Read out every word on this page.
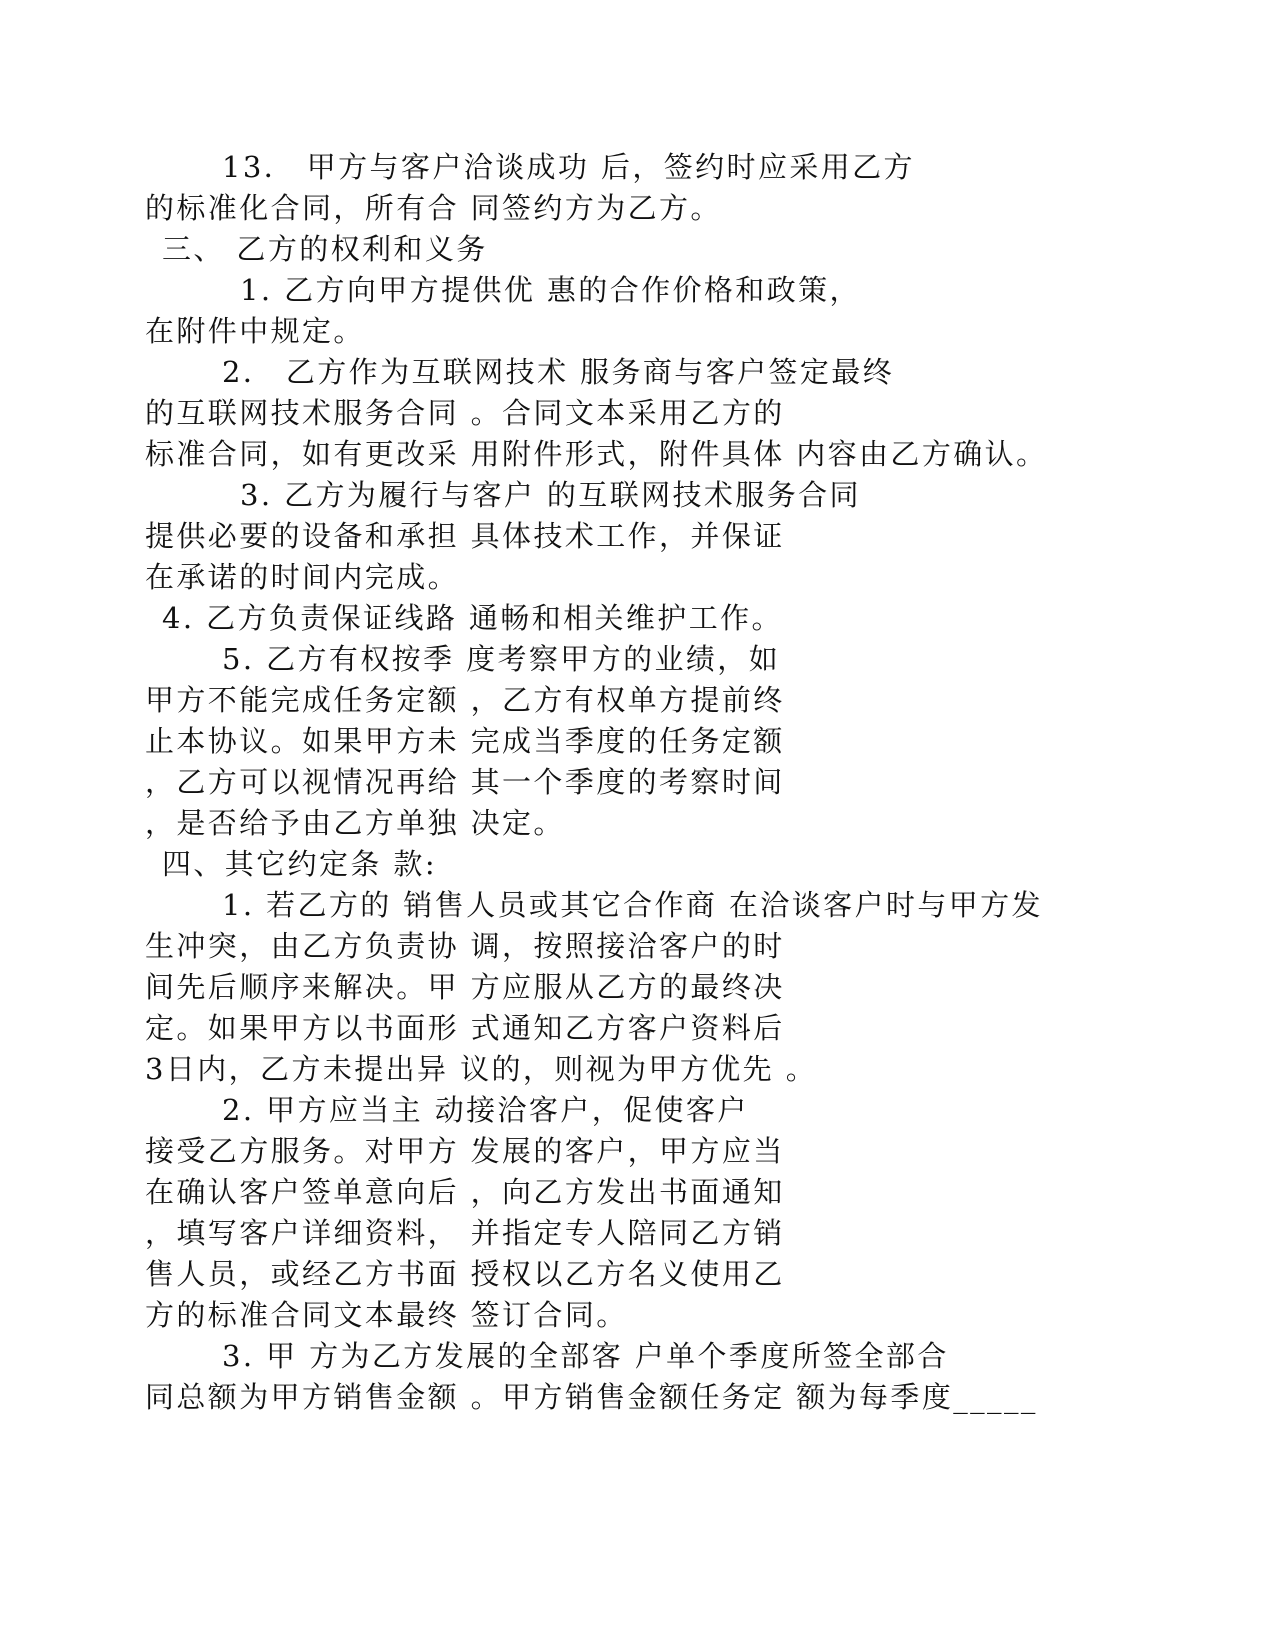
13． 甲方与客户洽谈成功 后，签约时应采用乙方
的标准化合同，所有合 同签约方为乙方。
三、 乙方的权利和义务
1. 乙方向甲方提供优 惠的合作价格和政策，
在附件中规定。
2． 乙方作为互联网技术 服务商与客户签定最终
的互联网技术服务合同 。合同文本采用乙方的
标准合同，如有更改采 用附件形式，附件具体 内容由乙方确认。
3. 乙方为履行与客户 的互联网技术服务合同
提供必要的设备和承担 具体技术工作，并保证
在承诺的时间内完成。
4. 乙方负责保证线路 通畅和相关维护工作。
5. 乙方有权按季 度考察甲方的业绩，如
甲方不能完成任务定额 ，乙方有权单方提前终
止本协议。如果甲方未 完成当季度的任务定额
，乙方可以视情况再给 其一个季度的考察时间
，是否给予由乙方单独 决定。
四、其它约定条 款:
1. 若乙方的 销售人员或其它合作商 在洽谈客户时与甲方发
生冲突，由乙方负责协 调，按照接洽客户的时
间先后顺序来解决。甲 方应服从乙方的最终决
定。如果甲方以书面形 式通知乙方客户资料后
3日内，乙方未提出异 议的，则视为甲方优先 。
2. 甲方应当主 动接洽客户，促使客户
接受乙方服务。对甲方 发展的客户，甲方应当
在确认客户签单意向后 ，向乙方发出书面通知
，填写客户详细资料， 并指定专人陪同乙方销
售人员，或经乙方书面 授权以乙方名义使用乙
方的标准合同文本最终 签订合同。
3. 甲 方为乙方发展的全部客 户单个季度所签全部合
同总额为甲方销售金额 。甲方销售金额任务定 额为每季度_____
